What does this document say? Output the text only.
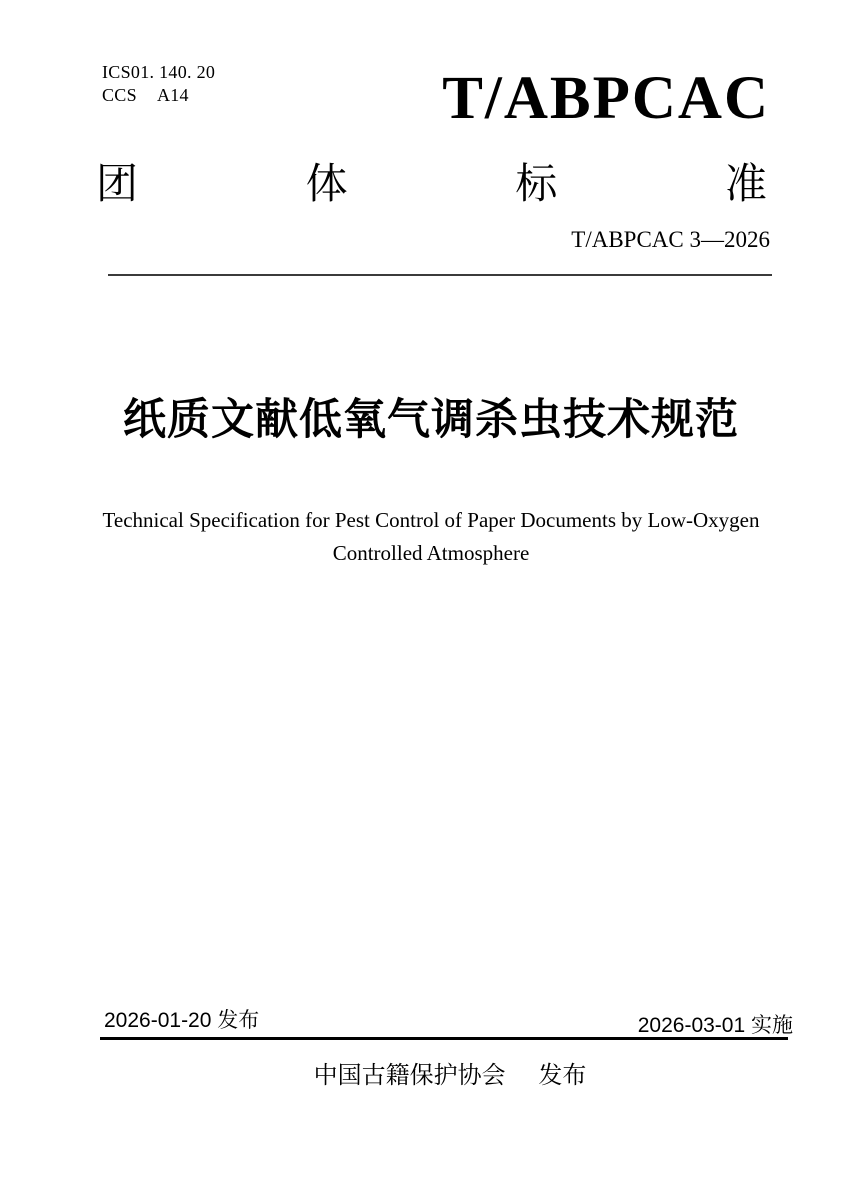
ICS01. 140. 20
CCS A14	T/ABPCAC
团	体	标	准
T/ABPCAC 3—2026
纸质文献低氧气调杀虫技术规范
Technical Specification for Pest Control of Paper Documents by Low-Oxygen
Controlled Atmosphere
2026-01-20 发布	2026-03-01 实施
中国古籍保护协会 发布
